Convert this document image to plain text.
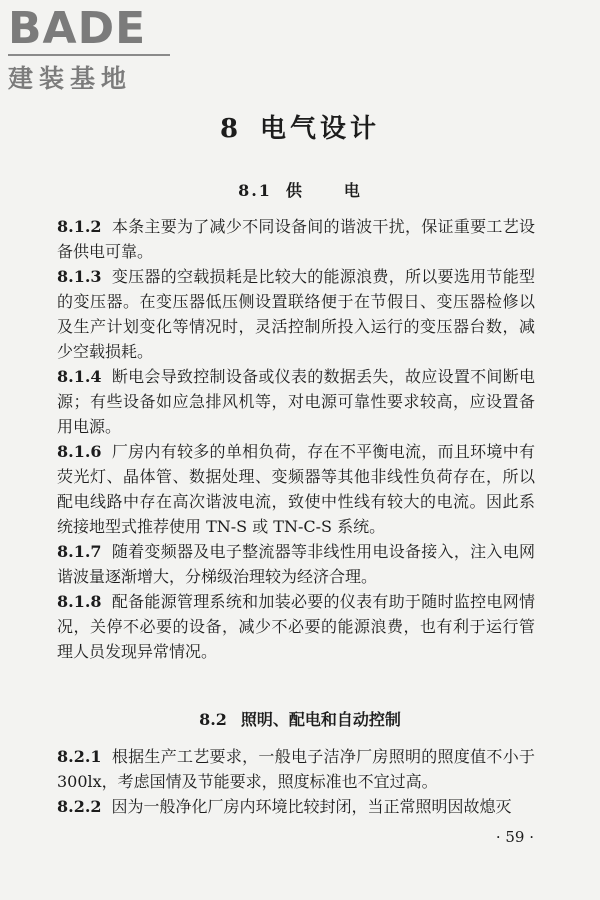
BADE
建装基地
8 电气设计
8.1 供	电

8.1.2 本条主要为了减少不同设备间的谐波干扰，保证重要工艺设备供电可靠。

8.1.3 变压器的空载损耗是比较大的能源浪费，所以要选用节能型的变压器。在变压器低压侧设置联络便于在节假日、变压器检修以及生产计划变化等情况时，灵活控制所投入运行的变压器台数，减少空载损耗。

8.1.4 断电会导致控制设备或仪表的数据丢失，故应设置不间断电源；有些设备如应急排风机等，对电源可靠性要求较高，应设置备用电源。

8.1.6 厂房内有较多的单相负荷，存在不平衡电流，而且环境中有荧光灯、晶体管、数据处理、变频器等其他非线性负荷存在，所以配电线路中存在高次谐波电流，致使中性线有较大的电流。因此系统接地型式推荐使用 TN-S 或 TN-C-S 系统。

8.1.7 随着变频器及电子整流器等非线性用电设备接入，注入电网谐波量逐渐增大，分梯级治理较为经济合理。

8.1.8 配备能源管理系统和加装必要的仪表有助于随时监控电网情况，关停不必要的设备，减少不必要的能源浪费，也有利于运行管理人员发现异常情况。

8.2 照明、配电和自动控制

8.2.1 根据生产工艺要求，一般电子洁净厂房照明的照度值不小于 300lx，考虑国情及节能要求，照度标准也不宜过高。

8.2.2 因为一般净化厂房内环境比较封闭，当正常照明因故熄灭

· 59 ·
